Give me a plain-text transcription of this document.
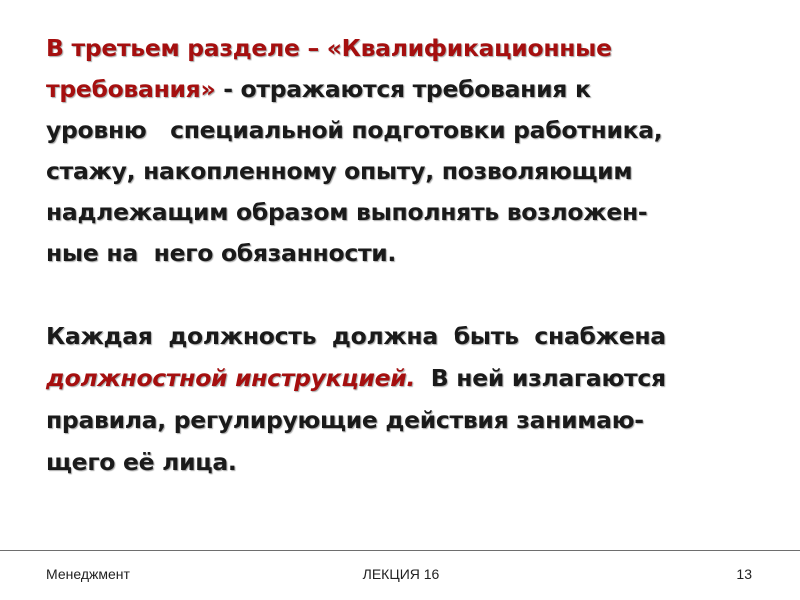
В третьем разделе – «Квалификационные
требования» - отражаются требования к
уровню   специальной подготовки работника,
стажу, накопленному опыту, позволяющим
надлежащим образом выполнять возложен-
ные на  него обязанности.
Каждая  должность  должна  быть  снабжена
должностной инструкцией.  В ней излагаются
правила, регулирующие действия занимаю-
щего её лица.
Менеджмент	ЛЕКЦИЯ 16	13
